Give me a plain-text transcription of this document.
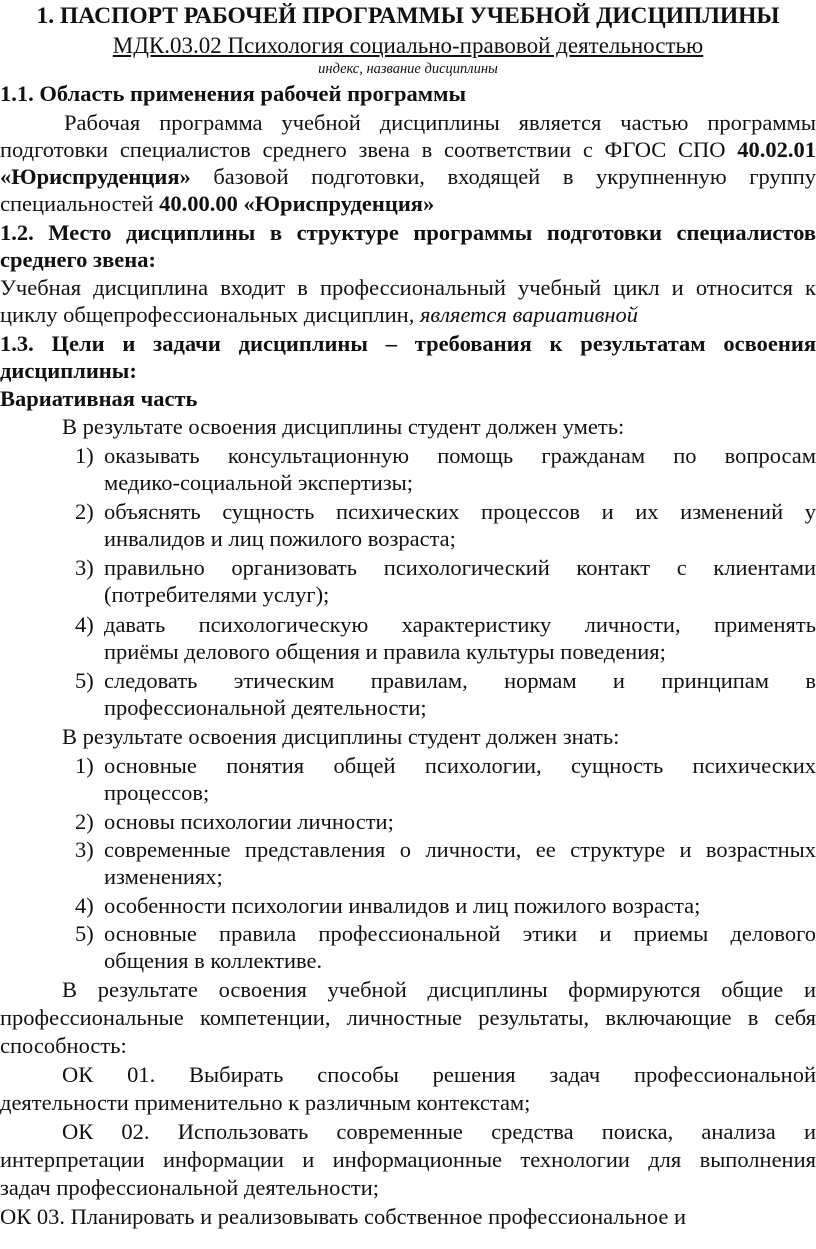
1. ПАСПОРТ РАБОЧЕЙ ПРОГРАММЫ УЧЕБНОЙ ДИСЦИПЛИНЫ
МДК.03.02 Психология социально-правовой деятельностью
индекс, название дисциплины
1.1. Область применения рабочей программы
Рабочая программа учебной дисциплины является частью программы
подготовки специалистов среднего звена в соответствии с ФГОС СПО 40.02.01
«Юриспруденция» базовой подготовки, входящей в укрупненную группу
специальностей 40.00.00 «Юриспруденция»
1.2. Место дисциплины в структуре программы подготовки специалистов
среднего звена:
Учебная дисциплина входит в профессиональный учебный цикл и относится к
циклу общепрофессиональных дисциплин, является вариативной
1.3. Цели и задачи дисциплины – требования к результатам освоения
дисциплины:
Вариативная часть
В результате освоения дисциплины студент должен уметь:
1) оказывать консультационную помощь гражданам по вопросам
медико-социальной экспертизы;
2) объяснять сущность психических процессов и их изменений у
инвалидов и лиц пожилого возраста;
3) правильно организовать психологический контакт с клиентами
(потребителями услуг);
4) давать психологическую характеристику личности, применять
приёмы делового общения и правила культуры поведения;
5) следовать этическим правилам, нормам и принципам в
профессиональной деятельности;
В результате освоения дисциплины студент должен знать:
1) основные понятия общей психологии, сущность психических
процессов;
2) основы психологии личности;
3) современные представления о личности, ее структуре и возрастных
изменениях;
4) особенности психологии инвалидов и лиц пожилого возраста;
5) основные правила профессиональной этики и приемы делового
общения в коллективе.
В результате освоения учебной дисциплины формируются общие и
профессиональные компетенции, личностные результаты, включающие в себя
способность:
ОК 01. Выбирать способы решения задач профессиональной
деятельности применительно к различным контекстам;
ОК 02. Использовать современные средства поиска, анализа и
интерпретации информации и информационные технологии для выполнения
задач профессиональной деятельности;
ОК 03. Планировать и реализовывать собственное профессиональное и
